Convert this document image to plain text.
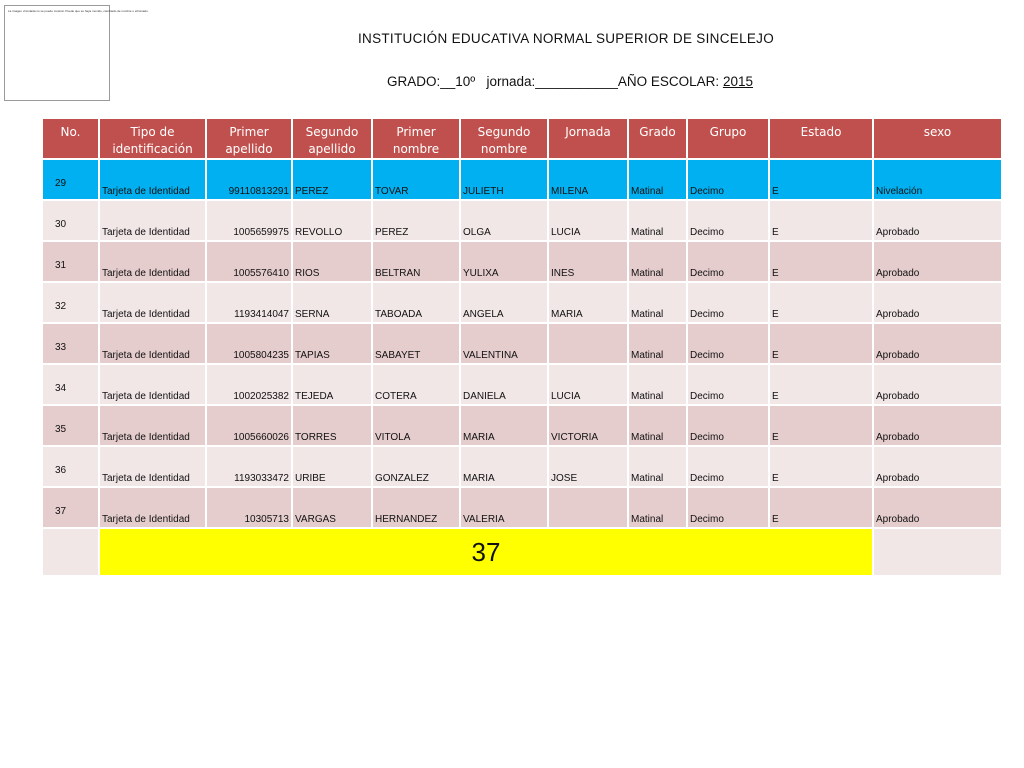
La imagen vinculada no se puede mostrar. Puede que se haya movido, cambiado de nombre o eliminado.
INSTITUCIÓN EDUCATIVA NORMAL SUPERIOR DE SINCELEJO
GRADO:__10º jornada:___________AÑO ESCOLAR: 2015
No.	Tipo de identificación	Primer apellido	Segundo apellido	Primer nombre	Segundo nombre	Jornada	Grado	Grupo	Estado	sexo
29	Tarjeta de Identidad	99110813291	PEREZ	TOVAR	JULIETH	MILENA	Matinal	Decimo	E	Nivelación
30	Tarjeta de Identidad	1005659975	REVOLLO	PEREZ	OLGA	LUCIA	Matinal	Decimo	E	Aprobado
31	Tarjeta de Identidad	1005576410	RIOS	BELTRAN	YULIXA	INES	Matinal	Decimo	E	Aprobado
32	Tarjeta de Identidad	1193414047	SERNA	TABOADA	ANGELA	MARIA	Matinal	Decimo	E	Aprobado
33	Tarjeta de Identidad	1005804235	TAPIAS	SABAYET	VALENTINA		Matinal	Decimo	E	Aprobado
34	Tarjeta de Identidad	1002025382	TEJEDA	COTERA	DANIELA	LUCIA	Matinal	Decimo	E	Aprobado
35	Tarjeta de Identidad	1005660026	TORRES	VITOLA	MARIA	VICTORIA	Matinal	Decimo	E	Aprobado
36	Tarjeta de Identidad	1193033472	URIBE	GONZALEZ	MARIA	JOSE	Matinal	Decimo	E	Aprobado
37	Tarjeta de Identidad	10305713	VARGAS	HERNANDEZ	VALERIA		Matinal	Decimo	E	Aprobado
	37									
